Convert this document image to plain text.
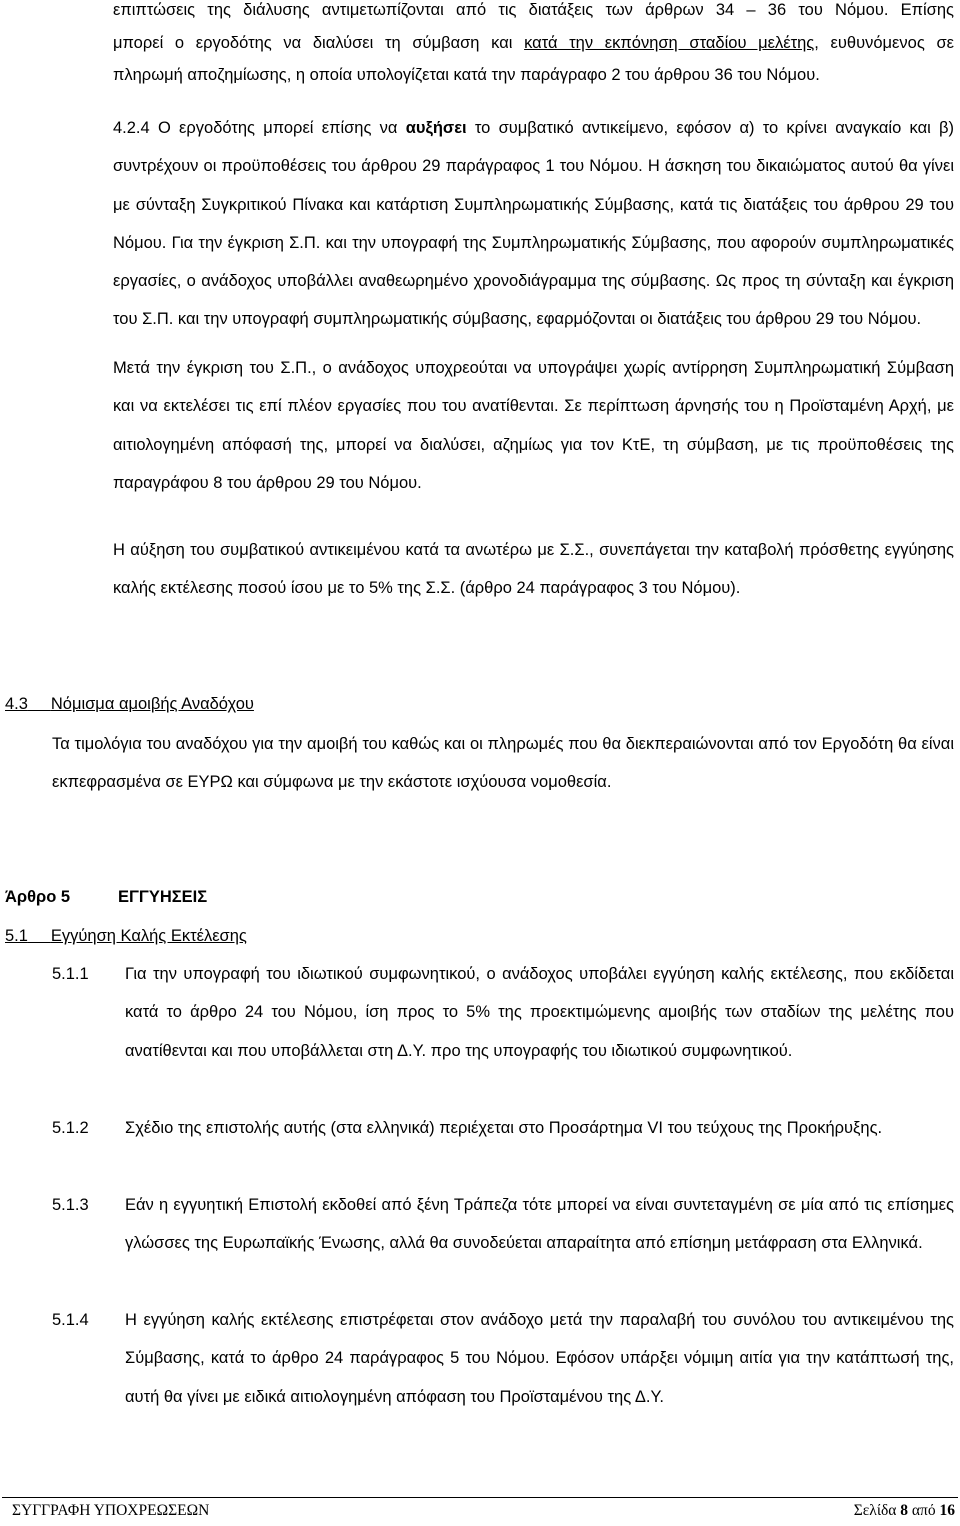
επιπτώσεις της διάλυσης αντιμετωπίζονται από τις διατάξεις των άρθρων 34 – 36 του Νόμου. Επίσης
μπορεί ο εργοδότης να διαλύσει τη σύμβαση και κατά την εκπόνηση σταδίου μελέτης, ευθυνόμενος σε
πληρωμή αποζημίωσης, η οποία υπολογίζεται κατά την παράγραφο 2 του άρθρου 36 του Νόμου.
4.2.4 Ο εργοδότης μπορεί επίσης να αυξήσει το συμβατικό αντικείμενο, εφόσον α) το κρίνει αναγκαίο και β) συντρέχουν οι προϋποθέσεις του άρθρου 29 παράγραφος 1 του Νόμου. Η άσκηση του δικαιώματος αυτού θα γίνει με σύνταξη Συγκριτικού Πίνακα και κατάρτιση Συμπληρωματικής Σύμβασης, κατά τις διατάξεις του άρθρου 29 του Νόμου. Για την έγκριση Σ.Π. και την υπογραφή της Συμπληρωματικής Σύμβασης, που αφορούν συμπληρωματικές εργασίες, ο ανάδοχος υποβάλλει αναθεωρημένο χρονοδιάγραμμα της σύμβασης. Ως προς τη σύνταξη και έγκριση του Σ.Π. και την υπογραφή συμπληρωματικής σύμβασης, εφαρμόζονται οι διατάξεις του άρθρου 29 του Νόμου.
Μετά την έγκριση του Σ.Π., ο ανάδοχος υποχρεούται να υπογράψει χωρίς αντίρρηση Συμπληρωματική Σύμβαση και να εκτελέσει τις επί πλέον εργασίες που του ανατίθενται. Σε περίπτωση άρνησής του η Προϊσταμένη Αρχή, με αιτιολογημένη απόφασή της, μπορεί να διαλύσει, αζημίως για τον ΚτΕ, τη σύμβαση, με τις προϋποθέσεις της παραγράφου 8 του άρθρου 29 του Νόμου.
Η αύξηση του συμβατικού αντικειμένου κατά τα ανωτέρω με Σ.Σ., συνεπάγεται την καταβολή πρόσθετης εγγύησης καλής εκτέλεσης ποσού ίσου με το 5% της Σ.Σ. (άρθρο 24 παράγραφος 3 του Νόμου).
4.3 Νόμισμα αμοιβής Αναδόχου
Τα τιμολόγια του αναδόχου για την αμοιβή του καθώς και οι πληρωμές που θα διεκπεραιώνονται από τον Εργοδότη θα είναι εκπεφρασμένα σε ΕΥΡΩ και σύμφωνα με την εκάστοτε ισχύουσα νομοθεσία.
Άρθρο 5	ΕΓΓΥΗΣΕΙΣ
5.1 Εγγύηση Καλής Εκτέλεσης
5.1.1	Για την υπογραφή του ιδιωτικού συμφωνητικού, ο ανάδοχος υποβάλει εγγύηση καλής εκτέλεσης, που εκδίδεται κατά το άρθρο 24 του Νόμου, ίση προς το 5% της προεκτιμώμενης αμοιβής των σταδίων της μελέτης που ανατίθενται και που υποβάλλεται στη Δ.Υ. προ της υπογραφής του ιδιωτικού συμφωνητικού.
5.1.2	Σχέδιο της επιστολής αυτής (στα ελληνικά) περιέχεται στο Προσάρτημα VI του τεύχους της Προκήρυξης.
5.1.3	Εάν η εγγυητική Επιστολή εκδοθεί από ξένη Τράπεζα τότε μπορεί να είναι συντεταγμένη σε μία από τις επίσημες γλώσσες της Ευρωπαϊκής Ένωσης, αλλά θα συνοδεύεται απαραίτητα από επίσημη μετάφραση στα Ελληνικά.
5.1.4	Η εγγύηση καλής εκτέλεσης επιστρέφεται στον ανάδοχο μετά την παραλαβή του συνόλου του αντικειμένου της Σύμβασης, κατά το άρθρο 24 παράγραφος 5 του Νόμου. Εφόσον υπάρξει νόμιμη αιτία για την κατάπτωσή της, αυτή θα γίνει με ειδικά αιτιολογημένη απόφαση του Προϊσταμένου της Δ.Υ.
ΣΥΓΓΡΑΦΗ ΥΠΟΧΡΕΩΣΕΩΝ	Σελίδα 8 από 16
